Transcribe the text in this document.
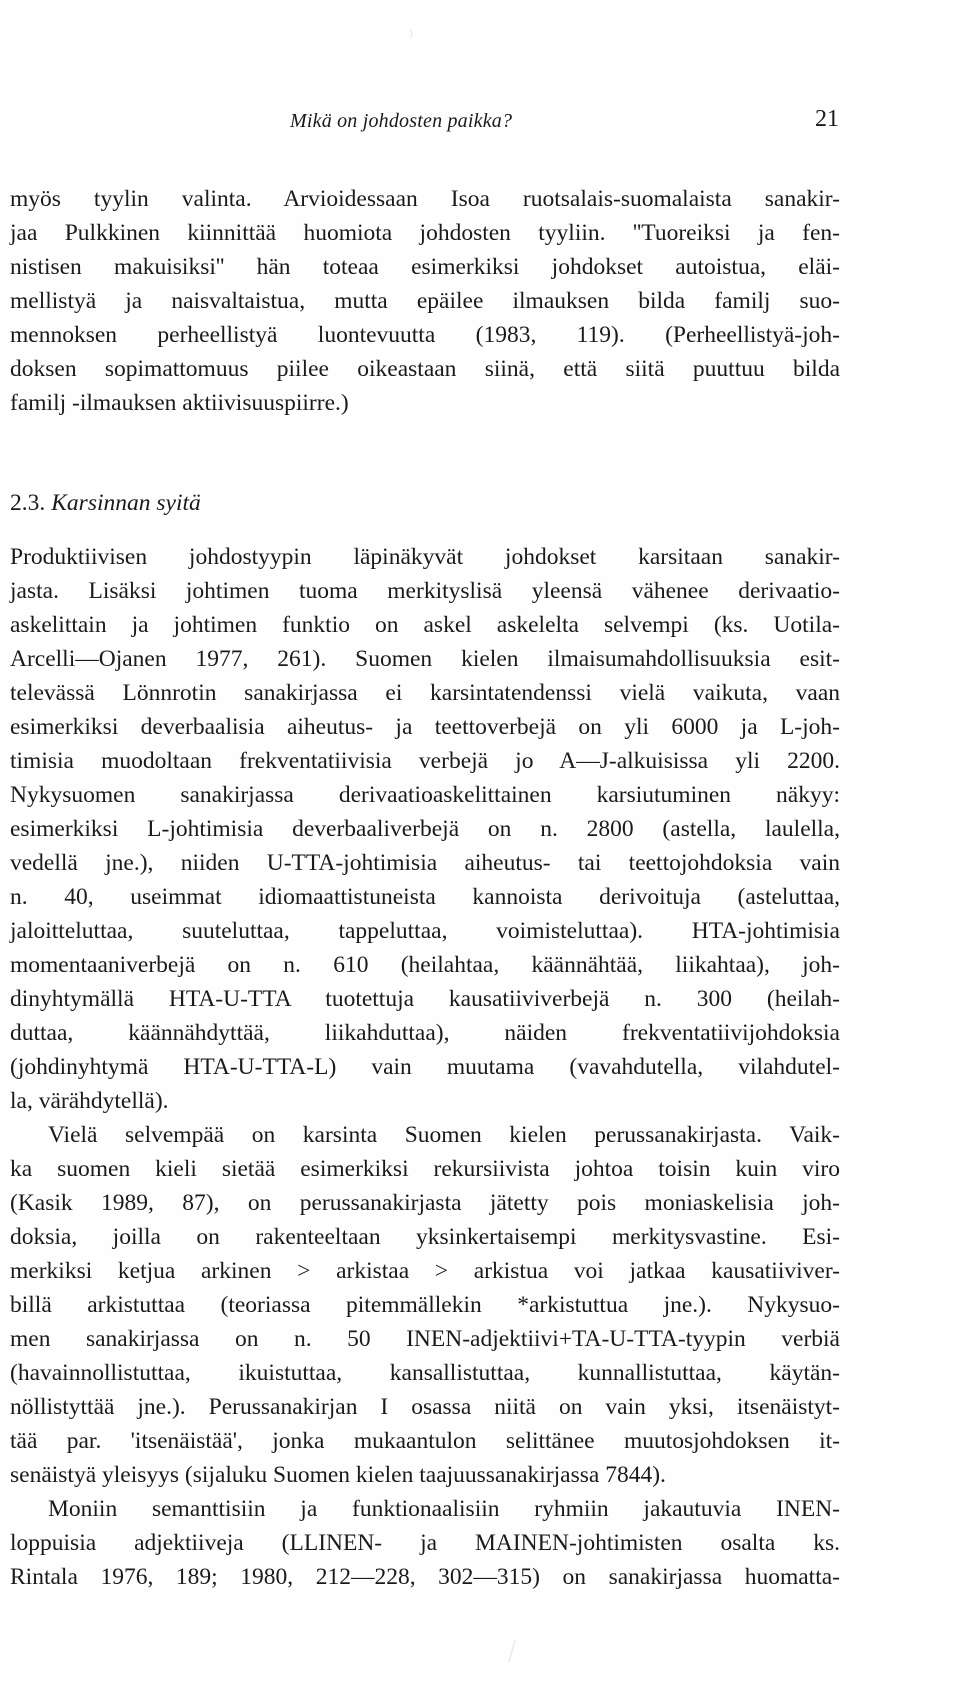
Mikä on johdosten paikka?	21
myös tyylin valinta. Arvioidessaan Isoa ruotsalais-suomalaista sanakir-
jaa Pulkkinen kiinnittää huomiota johdosten tyyliin. ''Tuoreiksi ja fen-
nistisen makuisiksi'' hän toteaa esimerkiksi johdokset autoistua, eläi-
mellistyä ja naisvaltaistua, mutta epäilee ilmauksen bilda familj suo-
mennoksen perheellistyä luontevuutta (1983, 119). (Perheellistyä-joh-
doksen sopimattomuus piilee oikeastaan siinä, että siitä puuttuu bilda
familj -ilmauksen aktiivisuuspiirre.)
2.3. Karsinnan syitä
Produktiivisen johdostyypin läpinäkyvät johdokset karsitaan sanakir-
jasta. Lisäksi johtimen tuoma merkityslisä yleensä vähenee derivaatio-
askelittain ja johtimen funktio on askel askelelta selvempi (ks. Uotila-
Arcelli—Ojanen 1977, 261). Suomen kielen ilmaisumahdollisuuksia esit-
televässä Lönnrotin sanakirjassa ei karsintatendenssi vielä vaikuta, vaan
esimerkiksi deverbaalisia aiheutus- ja teettoverbejä on yli 6000 ja L-joh-
timisia muodoltaan frekventatiivisia verbejä jo A—J-alkuisissa yli 2200.
Nykysuomen sanakirjassa derivaatioaskelittainen karsiutuminen näkyy:
esimerkiksi L-johtimisia deverbaaliverbejä on n. 2800 (astella, laulella,
vedellä jne.), niiden U-TTA-johtimisia aiheutus- tai teettojohdoksia vain
n. 40, useimmat idiomaattistuneista kannoista derivoituja (asteluttaa,
jaloitteluttaa, suuteluttaa, tappeluttaa, voimisteluttaa). HTA-johtimisia
momentaaniverbejä on n. 610 (heilahtaa, käännähtää, liikahtaa), joh-
dinyhtymällä HTA-U-TTA tuotettuja kausatiiviverbejä n. 300 (heilah-
duttaa, käännähdyttää, liikahduttaa), näiden frekventatiivijohdoksia
(johdinyhtymä HTA-U-TTA-L) vain muutama (vavahdutella, vilahdutel-
la, värähdytellä).
Vielä selvempää on karsinta Suomen kielen perussanakirjasta. Vaik-
ka suomen kieli sietää esimerkiksi rekursiivista johtoa toisin kuin viro
(Kasik 1989, 87), on perussanakirjasta jätetty pois moniaskelisia joh-
doksia, joilla on rakenteeltaan yksinkertaisempi merkitysvastine. Esi-
merkiksi ketjua arkinen > arkistaa > arkistua voi jatkaa kausatiiviver-
billä arkistuttaa (teoriassa pitemmällekin *arkistuttua jne.). Nykysuo-
men sanakirjassa on n. 50 INEN-adjektiivi+TA-U-TTA-tyypin verbiä
(havainnollistuttaa, ikuistuttaa, kansallistuttaa, kunnallistuttaa, käytän-
nöllistyttää jne.). Perussanakirjan I osassa niitä on vain yksi, itsenäistyt-
tää par. 'itsenäistää', jonka mukaantulon selittänee muutosjohdoksen it-
senäistyä yleisyys (sijaluku Suomen kielen taajuussanakirjassa 7844).
Moniin semanttisiin ja funktionaalisiin ryhmiin jakautuvia INEN-
loppuisia adjektiiveja (LLINEN- ja MAINEN-johtimisten osalta ks.
Rintala 1976, 189; 1980, 212—228, 302—315) on sanakirjassa huomatta-
